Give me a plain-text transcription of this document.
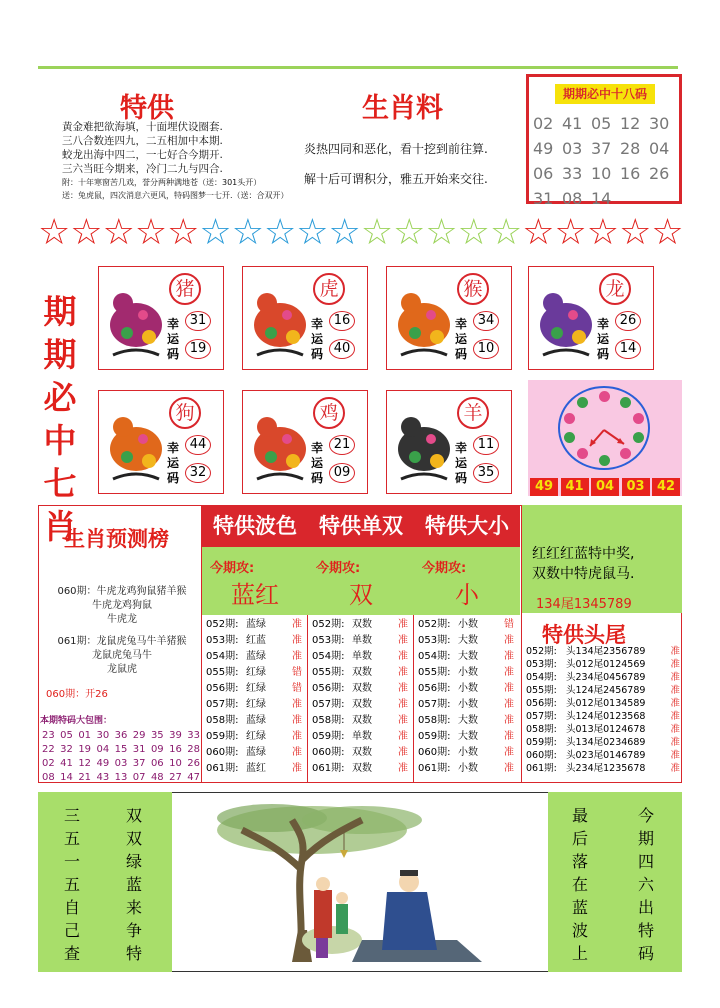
特供
黄金难把欲海填，十面埋伏设圈套.
三八合数连四九，二五相加中本期.
蛟龙出海中四二，一七好合今期开.
三六当旺今期来，冷门二九与四合.
附：十年寒窗苦几戏，誉分两种满地苍（送：301头开）
送：兔虎鼠，四次消息六更风，特码图梦一七开.（送：合双开）
生肖料
炎热四同和恶化，看十挖到前往算.
解十后可谓积分，雅五开始来交往.
期期必中十八码
02 41 05 12 30
49 03 37 28 04
06 33 10 16 26
31 08 14
☆ ☆ ☆ ☆ ☆ ☆ ☆ ☆ ☆ ☆ ☆ ☆ ☆ ☆ ☆ ☆ ☆ ☆ ☆ ☆
期
期
必
中
七
肖
猪
幸运码
31
19
虎
幸运码
16
40
猴
幸运码
34
10
龙
幸运码
26
14
狗
幸运码
44
32
鸡
幸运码
21
09
羊
幸运码
11
35
49 41 04 03 42
生肖预测榜
060期：牛虎龙鸡狗鼠猪羊猴
牛虎龙鸡狗鼠
牛虎龙
061期：龙鼠虎兔马牛羊猪猴
龙鼠虎兔马牛
龙鼠虎
060期：开26
本期特码大包围：
23 05 01 30 36 29 35 39 33
22 32 19 04 15 31 09 16 28
02 41 12 49 03 37 06 10 26
08 14 21 43 13 07 48 27 47
特供波色
今期攻:
蓝红
052期: 蓝绿	准
053期: 红蓝	准
054期: 蓝绿	准
055期: 红绿	错
056期: 红绿	错
057期: 红绿	准
058期: 蓝绿	准
059期: 红绿	准
060期: 蓝绿	准
061期: 蓝红	准
特供单双
今期攻:
双
052期: 双数	准
053期: 单数	准
054期: 单数	准
055期: 双数	准
056期: 双数	准
057期: 双数	准
058期: 双数	准
059期: 单数	准
060期: 双数	准
061期: 双数	准
特供大小
今期攻:
小
052期: 小数	错
053期: 大数	准
054期: 大数	准
055期: 小数	准
056期: 小数	准
057期: 小数	准
058期: 大数	准
059期: 大数	准
060期: 小数	准
061期: 小数	准
红红红蓝特中奖,
双数中特虎鼠马.
134尾1345789
特供头尾
052期: 头134尾2356789	准
053期: 头012尾0124569	准
054期: 头234尾0456789	准
055期: 头124尾2456789	准
056期: 头012尾0134589	准
057期: 头124尾0123568	准
058期: 头013尾0124678	准
059期: 头134尾0234689	准
060期: 头023尾0146789	准
061期: 头234尾1235678	准
三
五
一
五
自
己
查
双
双
绿
蓝
来
争
特
最
后
落
在
蓝
波
上
今
期
四
六
出
特
码
